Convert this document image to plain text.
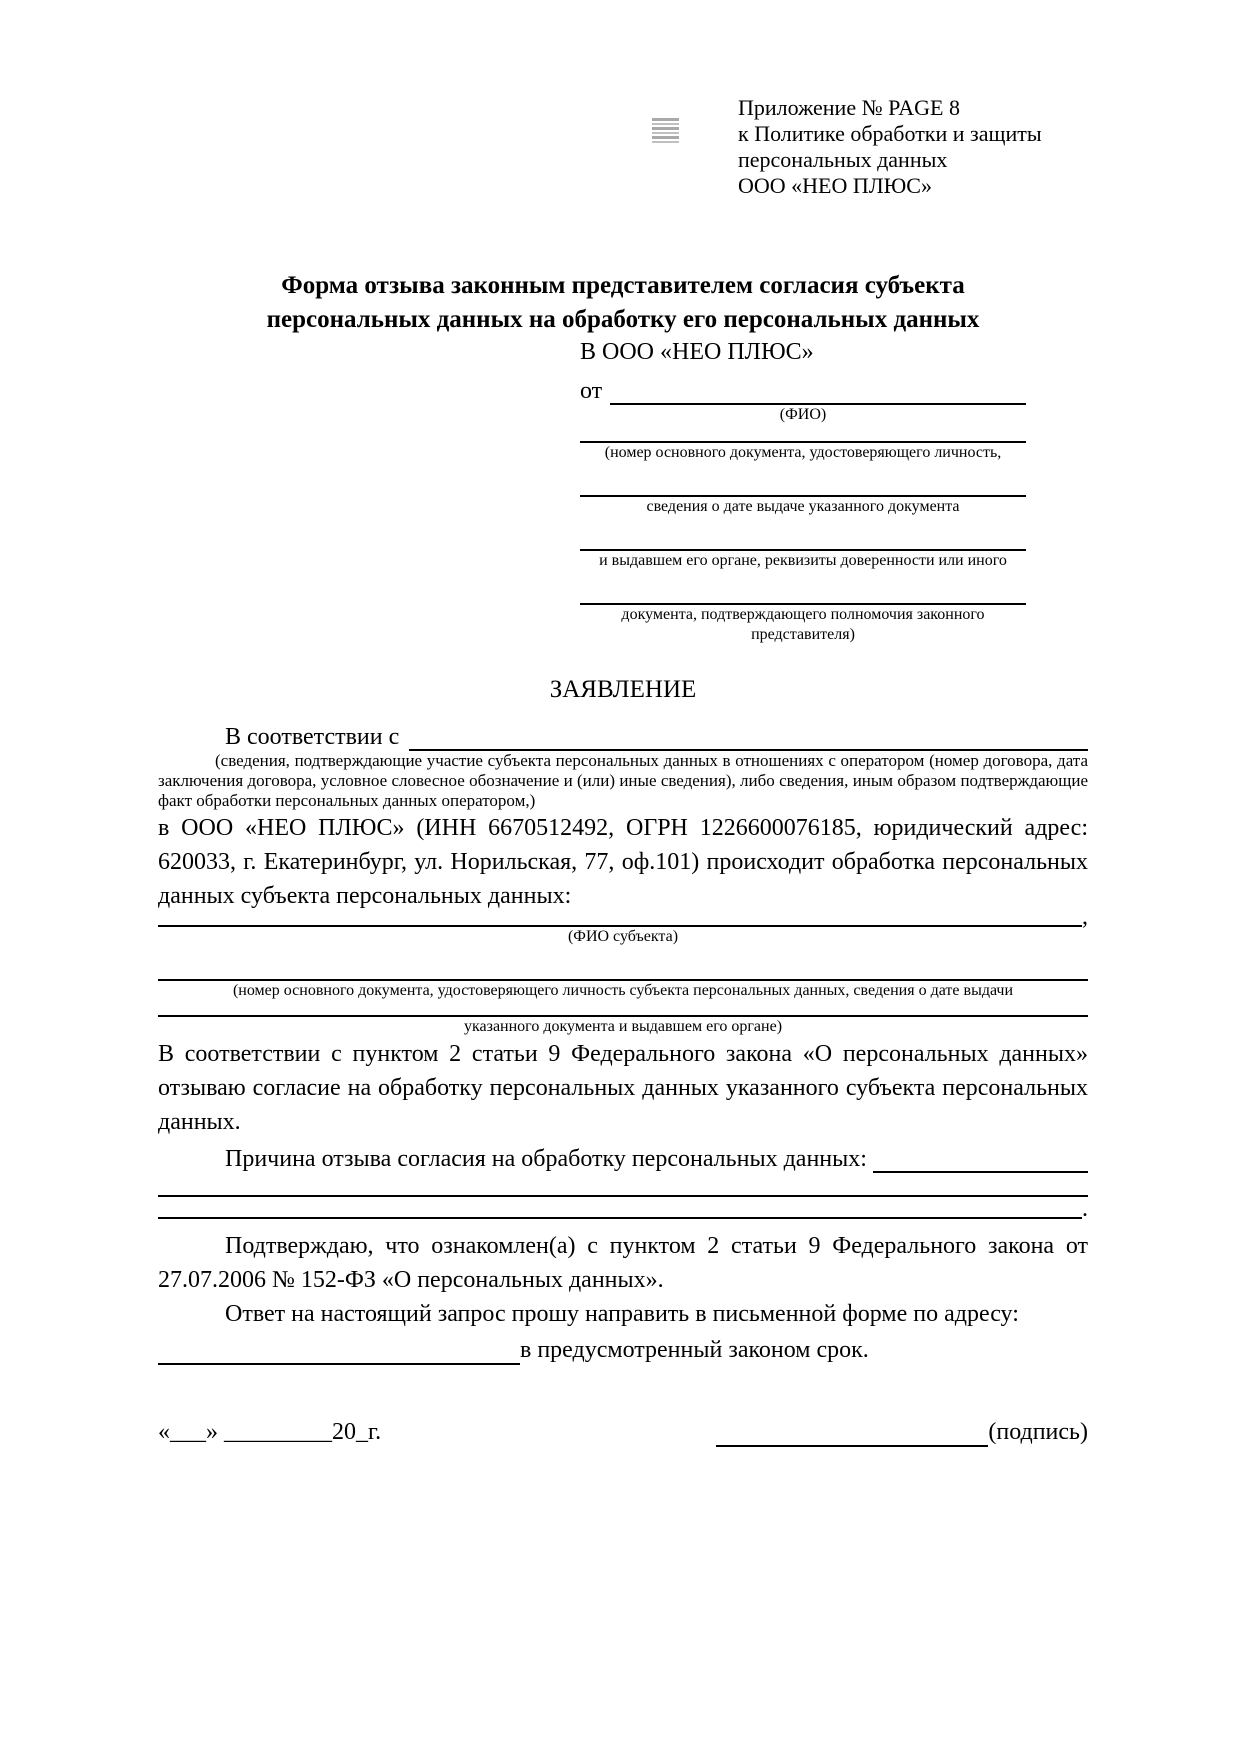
Приложение № PAGE 8
к Политике обработки и защиты
персональных данных
ООО «НЕО ПЛЮС»
Форма отзыва законным представителем согласия субъекта
персональных данных на обработку его персональных данных
В ООО «НЕО ПЛЮС»
от
(ФИО)
(номер основного документа, удостоверяющего личность,
сведения о дате выдаче указанного документа
и выдавшем его органе, реквизиты доверенности или иного
документа, подтверждающего полномочия законного представителя)
ЗАЯВЛЕНИЕ
В соответствии с
(сведения, подтверждающие участие субъекта персональных данных в отношениях с оператором (номер договора, дата заключения договора, условное словесное обозначение и (или) иные сведения), либо сведения, иным образом подтверждающие факт обработки персональных данных оператором,)
в ООО «НЕО ПЛЮС» (ИНН 6670512492, ОГРН 1226600076185, юридический адрес: 620033, г. Екатеринбург, ул. Норильская, 77, оф.101) происходит обработка персональных данных субъекта персональных данных:
,
(ФИО субъекта)
(номер основного документа, удостоверяющего личность субъекта персональных данных, сведения о дате выдачи
указанного документа и выдавшем его органе)
В соответствии с пунктом 2 статьи 9 Федерального закона «О персональных данных» отзываю согласие на обработку персональных данных указанного субъекта персональных данных.
Причина отзыва согласия на обработку персональных данных:
.
Подтверждаю, что ознакомлен(а) с пунктом 2 статьи 9 Федерального закона от 27.07.2006 № 152-ФЗ «О персональных данных».
Ответ на настоящий запрос прошу направить в письменной форме по адресу:
в предусмотренный законом срок.
«___» _________20_г.	(подпись)
